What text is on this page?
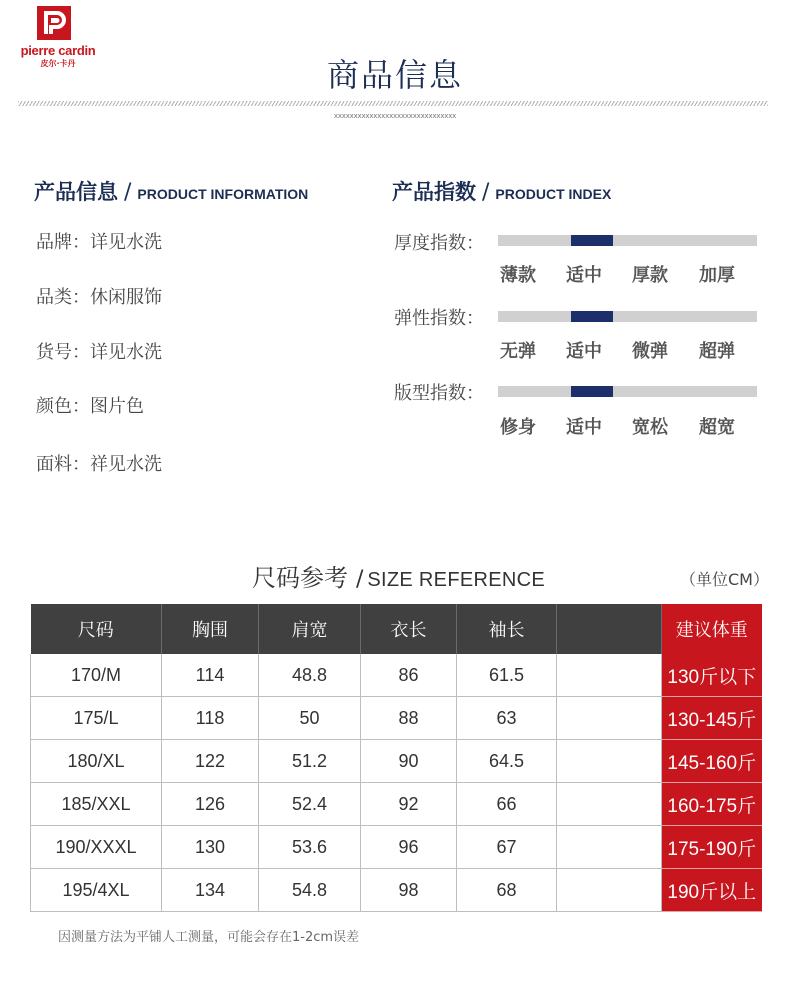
pierre cardin
皮尔·卡丹	商品信息
xxxxxxxxxxxxxxxxxxxxxxxxxxxxxxx
产品信息 / PRODUCT INFORMATION
品牌：详见水洗
品类：休闲服饰
货号：详见水洗
颜色：图片色
面料：祥见水洗
产品指数 / PRODUCT INDEX
厚度指数：
薄款 适中 厚款 加厚
弹性指数：
无弹 适中 微弹 超弹
版型指数：
修身 适中 宽松 超宽
尺码参考 / SIZE REFERENCE	（单位CM）
尺码	胸围	肩宽	衣长	袖长		建议体重
170/M	114	48.8	86	61.5		130斤以下
175/L	118	50	88	63		130-145斤
180/XL	122	51.2	90	64.5		145-160斤
185/XXL	126	52.4	92	66		160-175斤
190/XXXL	130	53.6	96	67		175-190斤
195/4XL	134	54.8	98	68		190斤以上
因测量方法为平铺人工测量，可能会存在1-2cm误差
